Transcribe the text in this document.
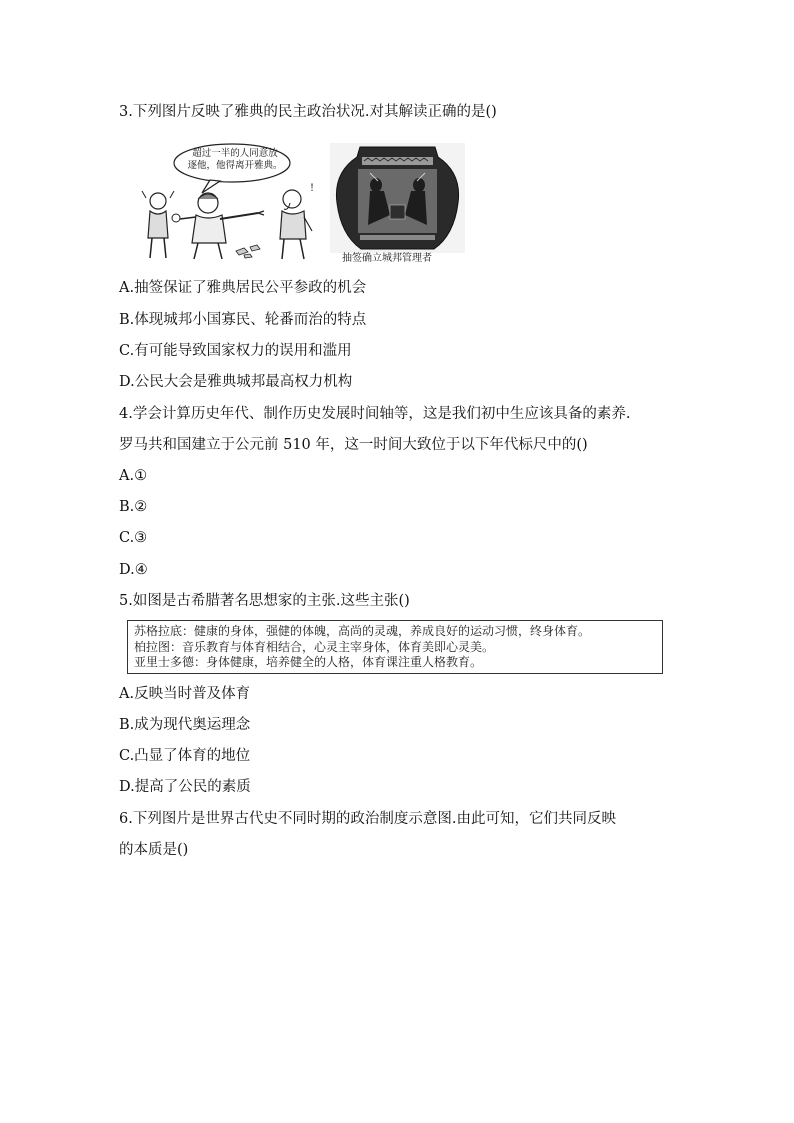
3.下列图片反映了雅典的民主政治状况.对其解读正确的是()
!
超过一半的人同意放
逐他，他得离开雅典。
抽签确立城邦管理者
A.抽签保证了雅典居民公平参政的机会
B.体现城邦小国寡民、轮番而治的特点
C.有可能导致国家权力的误用和滥用
D.公民大会是雅典城邦最高权力机构
4.学会计算历史年代、制作历史发展时间轴等，这是我们初中生应该具备的素养.
罗马共和国建立于公元前 510 年，这一时间大致位于以下年代标尺中的()
A.①
B.②
C.③
D.④
5.如图是古希腊著名思想家的主张.这些主张()
苏格拉底：健康的身体，强健的体魄，高尚的灵魂，养成良好的运动习惯，终身体育。
柏拉图：音乐教育与体育相结合，心灵主宰身体，体育美即心灵美。
亚里士多德：身体健康，培养健全的人格，体育课注重人格教育。
A.反映当时普及体育
B.成为现代奥运理念
C.凸显了体育的地位
D.提高了公民的素质
6.下列图片是世界古代史不同时期的政治制度示意图.由此可知，它们共同反映
的本质是()
